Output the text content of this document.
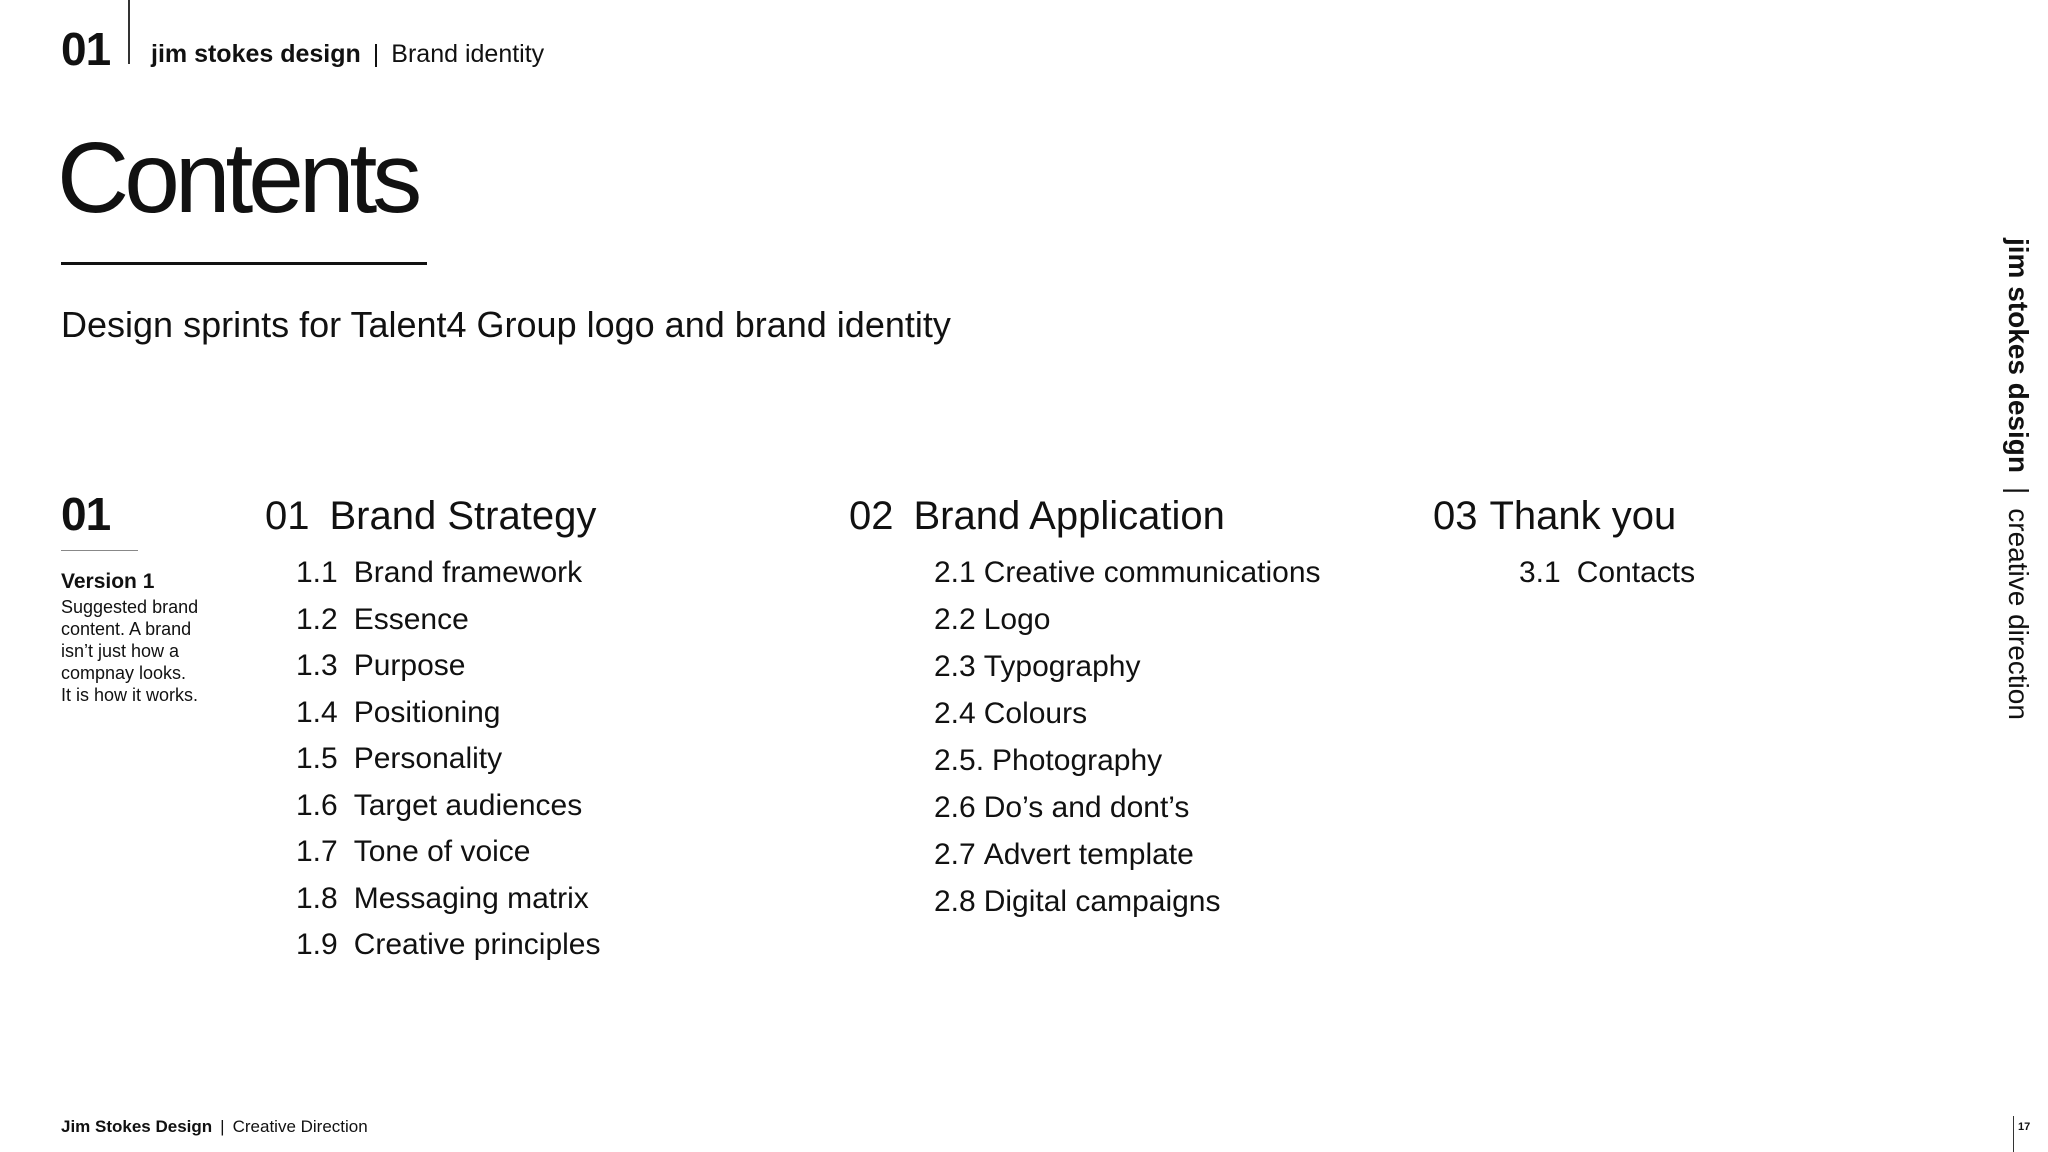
01 jim stokes design | Brand identity
Contents
Design sprints for Talent4 Group logo and brand identity
01
Version 1
Suggested brand
content. A brand
isn’t just how a
compnay looks.
It is how it works.
01 Brand Strategy
1.1 Brand framework
1.2 Essence
1.3 Purpose
1.4 Positioning
1.5 Personality
1.6 Target audiences
1.7 Tone of voice
1.8 Messaging matrix
1.9 Creative principles
02 Brand Application
2.1 Creative communications
2.2 Logo
2.3 Typography
2.4 Colours
2.5. Photography
2.6 Do’s and dont’s
2.7 Advert template
2.8 Digital campaigns
03 Thank you
3.1 Contacts
jim stokes design|creative direction
Jim Stokes Design | Creative Direction	17
